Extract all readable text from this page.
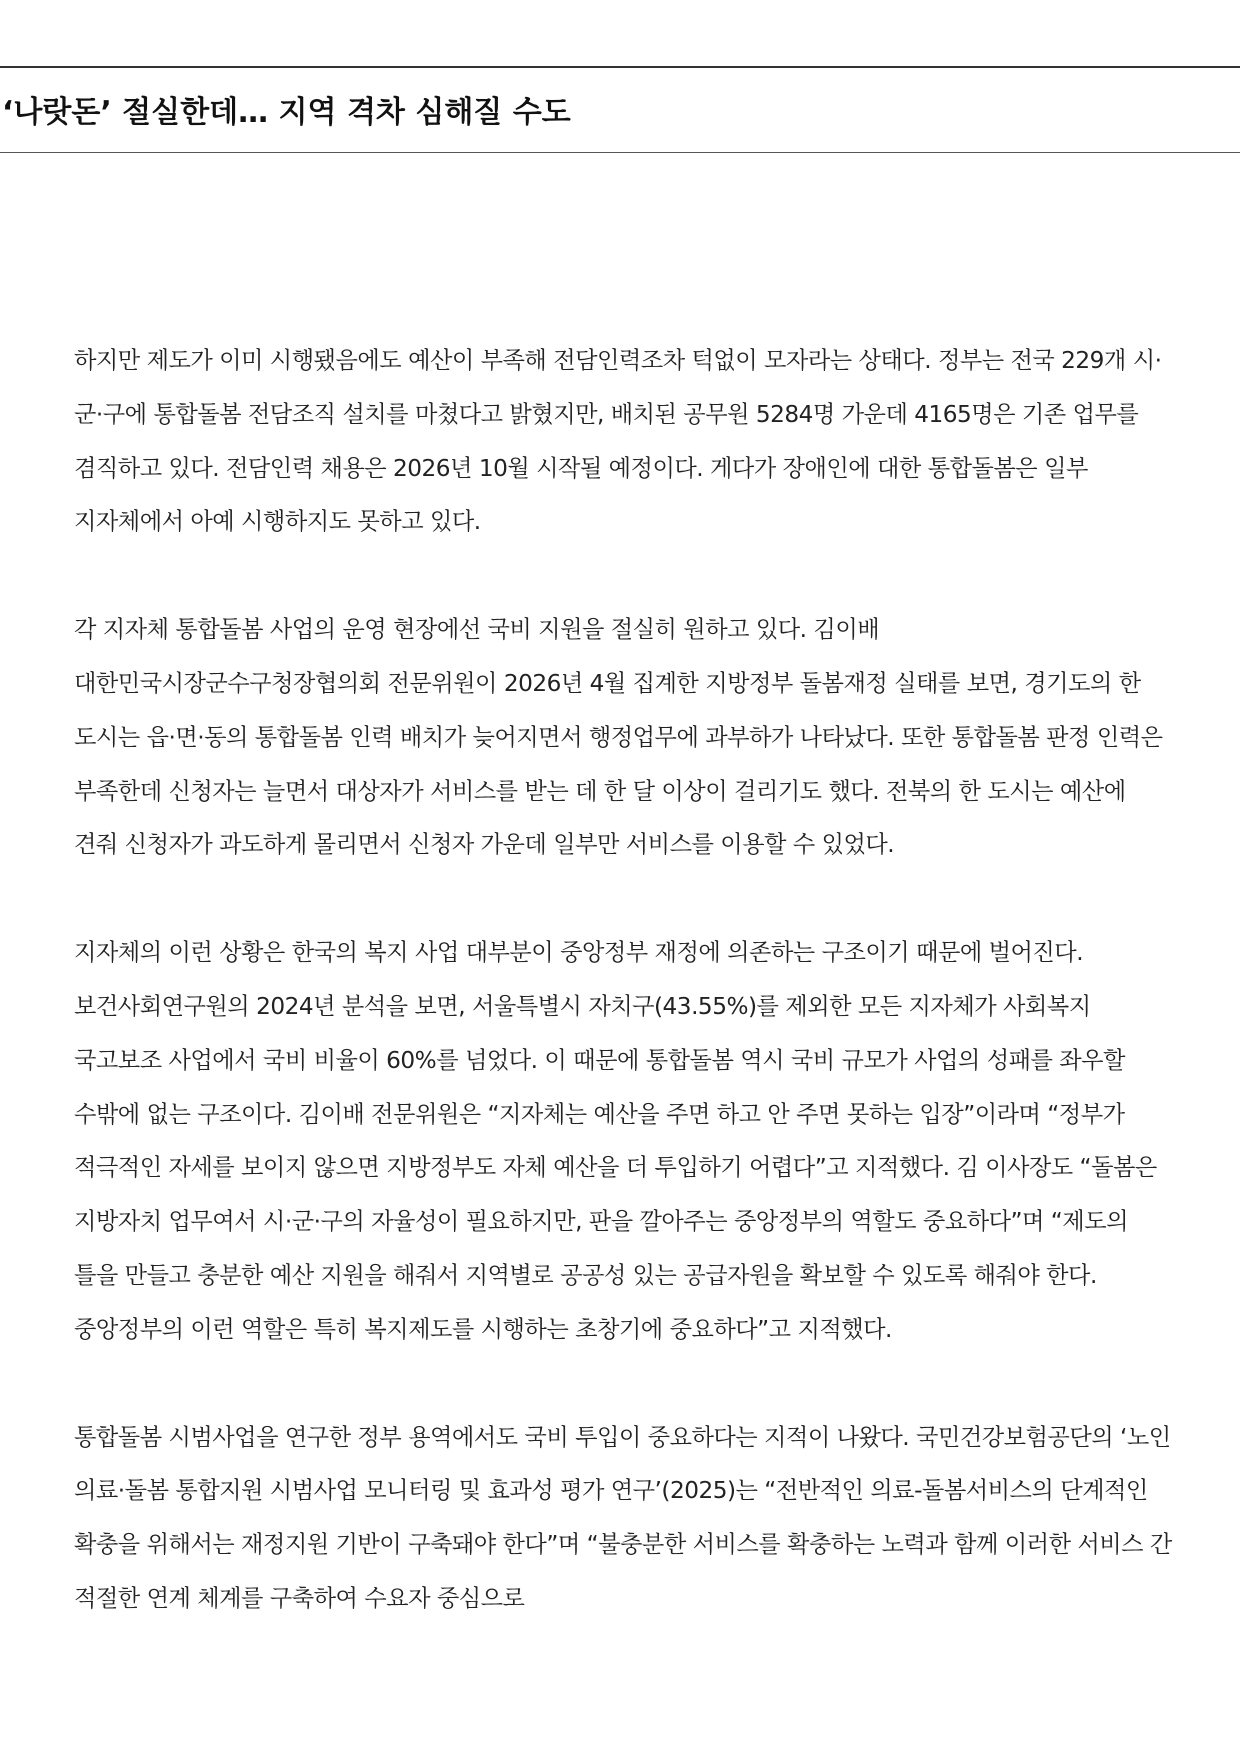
‘나랏돈’ 절실한데… 지역 격차 심해질 수도

하지만 제도가 이미 시행됐음에도 예산이 부족해 전담인력조차 턱없이 모자라는 상태다. 정부는 전국 229개 시·군·구에 통합돌봄 전담조직 설치를 마쳤다고 밝혔지만, 배치된 공무원 5284명 가운데 4165명은 기존 업무를 겸직하고 있다. 전담인력 채용은 2026년 10월 시작될 예정이다. 게다가 장애인에 대한 통합돌봄은 일부 지자체에서 아예 시행하지도 못하고 있다.

각 지자체 통합돌봄 사업의 운영 현장에선 국비 지원을 절실히 원하고 있다. 김이배 대한민국시장군수구청장협의회 전문위원이 2026년 4월 집계한 지방정부 돌봄재정 실태를 보면, 경기도의 한 도시는 읍·면·동의 통합돌봄 인력 배치가 늦어지면서 행정업무에 과부하가 나타났다. 또한 통합돌봄 판정 인력은 부족한데 신청자는 늘면서 대상자가 서비스를 받는 데 한 달 이상이 걸리기도 했다. 전북의 한 도시는 예산에 견줘 신청자가 과도하게 몰리면서 신청자 가운데 일부만 서비스를 이용할 수 있었다.

지자체의 이런 상황은 한국의 복지 사업 대부분이 중앙정부 재정에 의존하는 구조이기 때문에 벌어진다. 보건사회연구원의 2024년 분석을 보면, 서울특별시 자치구(43.55%)를 제외한 모든 지자체가 사회복지 국고보조 사업에서 국비 비율이 60%를 넘었다. 이 때문에 통합돌봄 역시 국비 규모가 사업의 성패를 좌우할 수밖에 없는 구조이다. 김이배 전문위원은 “지자체는 예산을 주면 하고 안 주면 못하는 입장”이라며 “정부가 적극적인 자세를 보이지 않으면 지방정부도 자체 예산을 더 투입하기 어렵다”고 지적했다. 김 이사장도 “돌봄은 지방자치 업무여서 시·군·구의 자율성이 필요하지만, 판을 깔아주는 중앙정부의 역할도 중요하다”며 “제도의 틀을 만들고 충분한 예산 지원을 해줘서 지역별로 공공성 있는 공급자원을 확보할 수 있도록 해줘야 한다. 중앙정부의 이런 역할은 특히 복지제도를 시행하는 초창기에 중요하다”고 지적했다.

통합돌봄 시범사업을 연구한 정부 용역에서도 국비 투입이 중요하다는 지적이 나왔다. 국민건강보험공단의 ‘노인 의료·돌봄 통합지원 시범사업 모니터링 및 효과성 평가 연구’(2025)는 “전반적인 의료-돌봄서비스의 단계적인 확충을 위해서는 재정지원 기반이 구축돼야 한다”며 “불충분한 서비스를 확충하는 노력과 함께 이러한 서비스 간 적절한 연계 체계를 구축하여 수요자 중심으로
